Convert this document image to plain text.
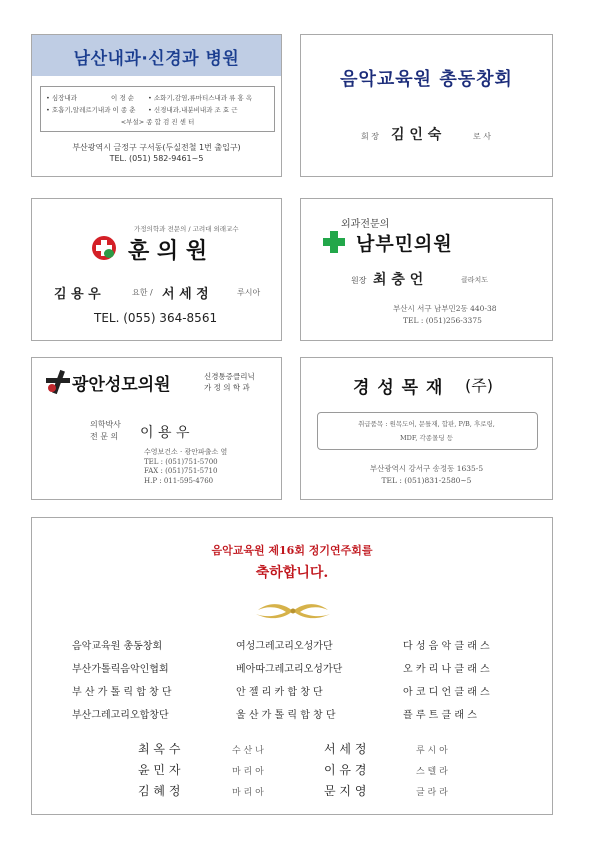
남산내과·신경과 병원
• 심장내과	이 경 순 • 소화기,감염,류마티스내과 류 홍 옥
• 호흡기,알레르기내과 이 종 춘 • 신경내과,내분비내과 조 효 근
<부설> 종 합 검 진 센 터
부산광역시 금정구 구서동(두실전철 1번 출입구)
TEL. (051) 582-9461~5
음악교육원 총동창회
회 장 김 인 숙	로 사
가정의학과 전문의 / 고려대 외래교수
훈 의 원
김 용 우	요한 / 서 세 정	루시아
TEL. (055) 364-8561
외과전문의
남부민의원
원장 최 충 언	클라치도
부산시 서구 남부민2동 440-38
TEL : (051)256-3375
광안성모의원	신경통증클리닉
가 정 의 학 과
의학박사
전 문 의 이 용 우
수영보건소 · 광안파출소 옆
TEL : (051)751-5700
FAX : (051)751-5710
H.P : 011-595-4760
경 성 목 재 (주)
취급품목 : 원목도어, 문틀재, 합판, P/B, 후로링,
MDF, 각종몰딩 등
부산광역시 강서구 송정동 1635-5
TEL : (051)831-2580~5
음악교육원 제16회 정기연주회를
축하합니다.
음악교육원 총동창회	여성그레고리오성가단	다 성 음 악 클 래 스
부산가톨릭음악인협회	베아따그레고리오성가단	오 카 리 나 클 래 스
부 산 가 톨 릭 합 창 단	안 젤 리 카 합 창 단	아 코 디 언 클 래 스
부산그레고리오합창단	울 산 가 톨 릭 합 창 단	플 루 트 클 래 스
최 옥 수	수 산 나	서 세 정	루 시 아
윤 민 자	마 리 아	이 유 경	스 텔 라
김 혜 정	마 리 아	문 지 영	글 라 라
